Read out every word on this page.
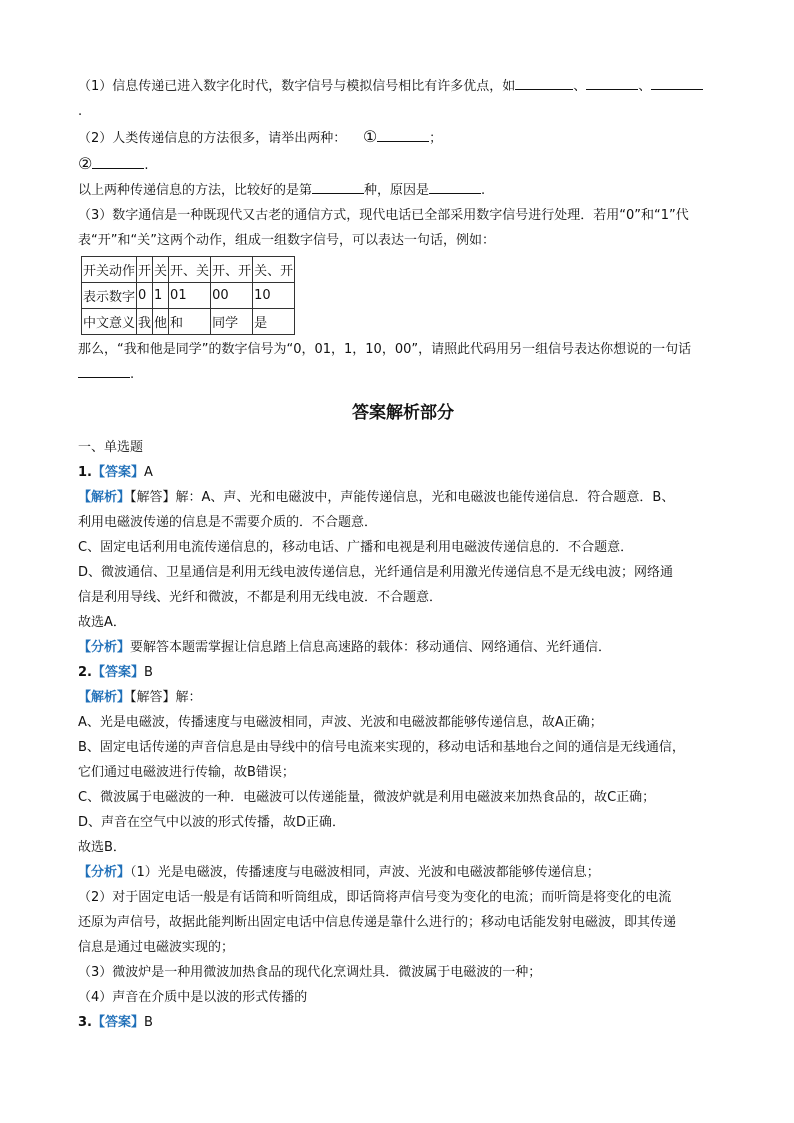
（1）信息传递已进入数字化时代，数字信号与模拟信号相比有许多优点，如	、	、
.
（2）人类传递信息的方法很多，请举出两种： ①	；
②	.
以上两种传递信息的方法，比较好的是第	种，原因是	.
（3）数字通信是一种既现代又古老的通信方式，现代电话已全部采用数字信号进行处理．若用“0”和“1”代
表“开”和“关”这两个动作，组成一组数字信号，可以表达一句话，例如：
开关动作	开	关	开、关	开、开	关、开
表示数字	0	1	01	00	10
中文意义	我	他	和	同学	是
那么，“我和他是同学”的数字信号为“0，01，1，10，00”，请照此代码用另一组信号表达你想说的一句话
.
答案解析部分
一、单选题
1.【答案】A
【解析】【解答】解：A、声、光和电磁波中，声能传递信息，光和电磁波也能传递信息．符合题意．B、
利用电磁波传递的信息是不需要介质的．不合题意．
C、固定电话利用电流传递信息的，移动电话、广播和电视是利用电磁波传递信息的．不合题意．
D、微波通信、卫星通信是利用无线电波传递信息，光纤通信是利用激光传递信息不是无线电波；网络通
信是利用导线、光纤和微波，不都是利用无线电波．不合题意．
故选A．
【分析】要解答本题需掌握让信息踏上信息高速路的载体：移动通信、网络通信、光纤通信．
2.【答案】B
【解析】【解答】解：
A、光是电磁波，传播速度与电磁波相同，声波、光波和电磁波都能够传递信息，故A正确；
B、固定电话传递的声音信息是由导线中的信号电流来实现的，移动电话和基地台之间的通信是无线通信，
它们通过电磁波进行传输，故B错误；
C、微波属于电磁波的一种．电磁波可以传递能量，微波炉就是利用电磁波来加热食品的，故C正确；
D、声音在空气中以波的形式传播，故D正确．
故选B．
【分析】（1）光是电磁波，传播速度与电磁波相同，声波、光波和电磁波都能够传递信息；
（2）对于固定电话一般是有话筒和听筒组成，即话筒将声信号变为变化的电流；而听筒是将变化的电流
还原为声信号，故据此能判断出固定电话中信息传递是靠什么进行的；移动电话能发射电磁波，即其传递
信息是通过电磁波实现的；
（3）微波炉是一种用微波加热食品的现代化烹调灶具．微波属于电磁波的一种；
（4）声音在介质中是以波的形式传播的
3.【答案】B
